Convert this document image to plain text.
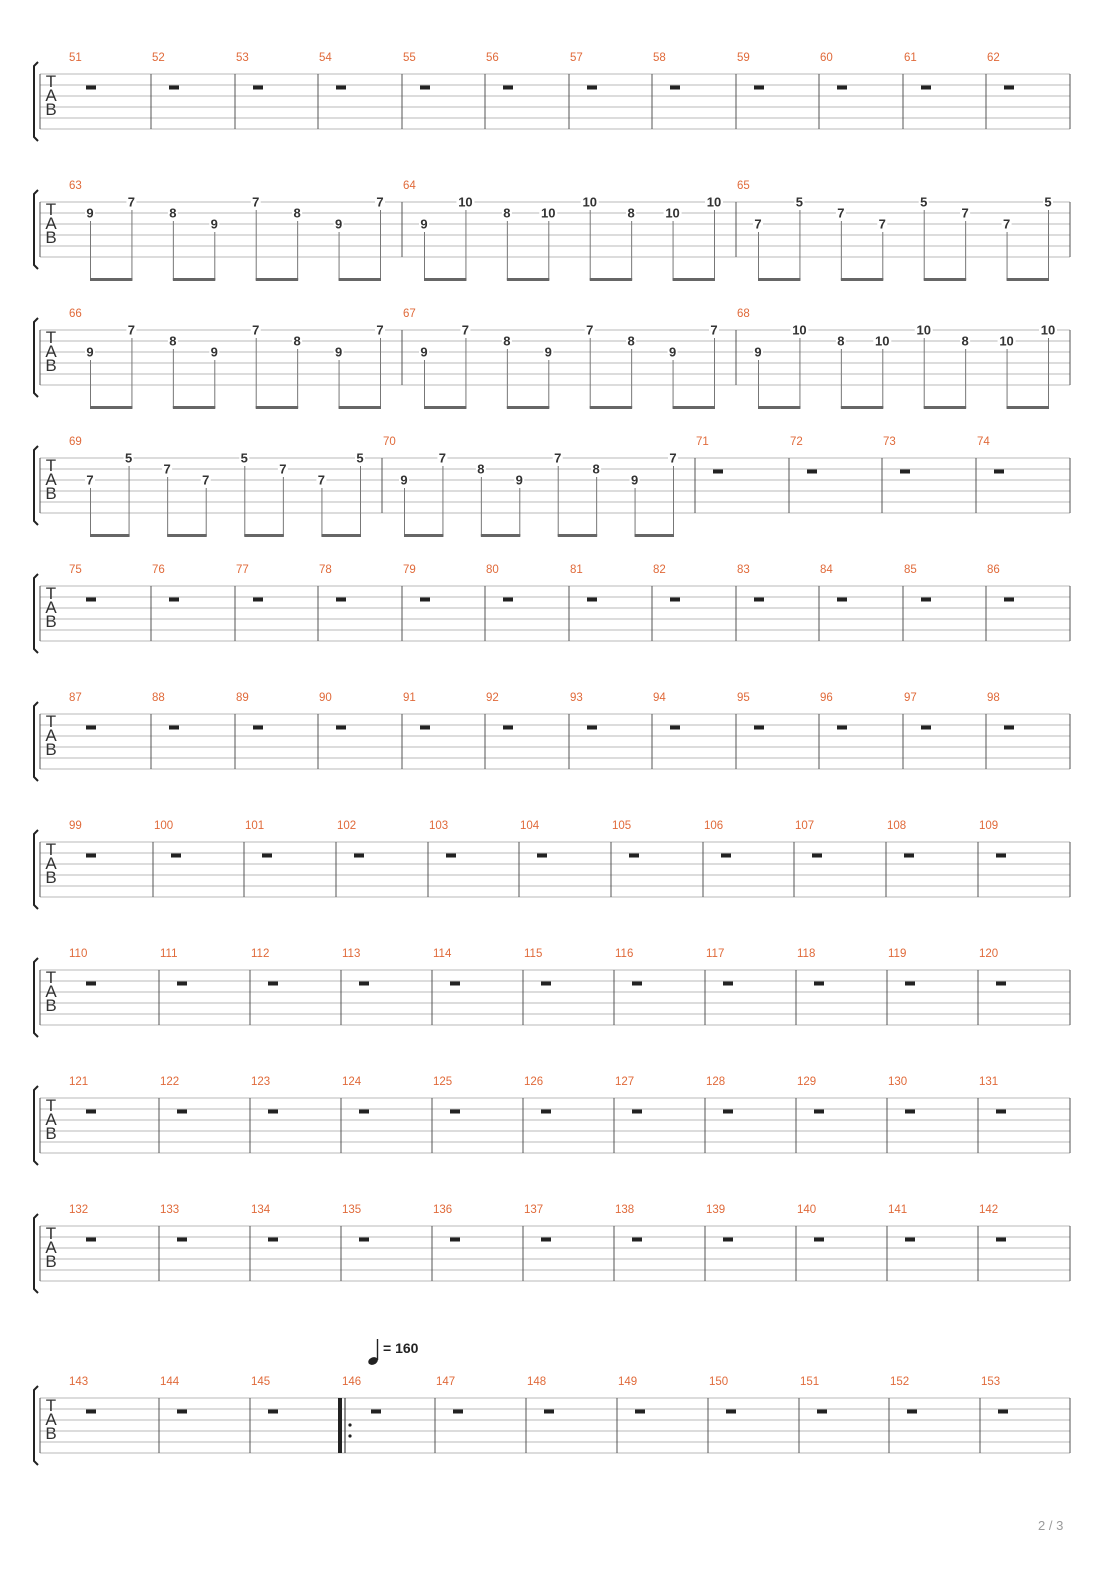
T
A
B
51	52	53	54	55	56	57	58	59	60	61	62
T
A
B
63
9
7
8
9
7
8
9
7
64
9
10
8 10
10
8 10
10
65
7
5
7
7
5
7
7
5
T
A
B
66
9
7
8
9
7
8
9
7
67
9
7
8
9
7
8
9
7
68
9
10
8 10
10
8 10
10
T
A
B
69
7
5
7
7
5
7
7
5
70
9
7
8
9
7
8
9
7
71	72	73	74
T
A
B
75	76	77	78	79	80	81	82	83	84	85	86
T
A
B
87	88	89	90	91	92	93	94	95	96	97	98
T
A
B
99	100	101	102	103	104	105	106	107	108	109
T
A
B
110	111	112	113	114	115	116	117	118	119	120
T
A
B
121	122	123	124	125	126	127	128	129	130	131
T
A
B
132	133	134	135	136	137	138	139	140	141	142
T
A
B
143	144	145	146	147	148	149	150	151	152	153
= 160
2 / 3
